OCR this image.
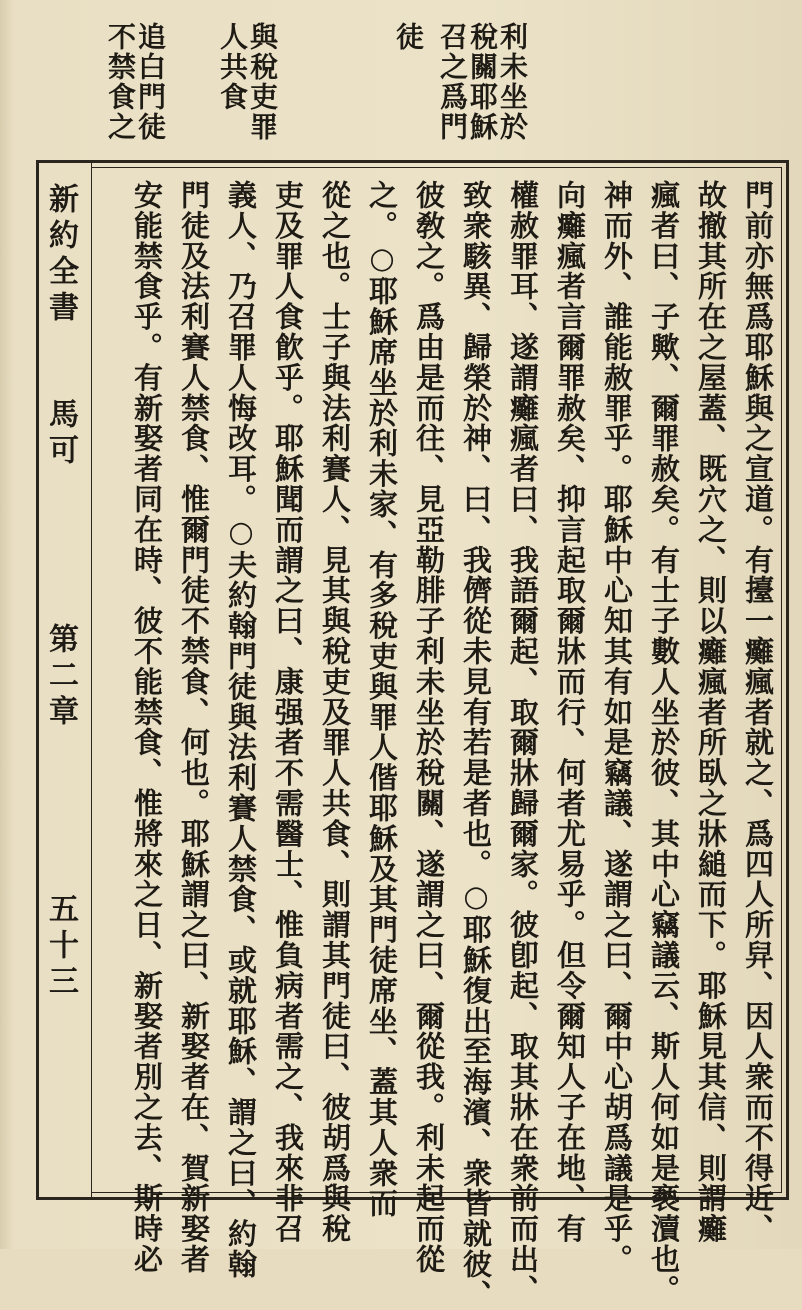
利未坐於
稅關耶穌
召之爲門
徒
與稅吏罪
人共食
追白門徒
不禁食之
新約全書
馬可
第二章
五十三	門前亦無爲耶穌與之宣道。有擡一癱瘋者就之、爲四人所舁、因人衆而不得近、
故撤其所在之屋蓋、既穴之、則以癱瘋者所臥之牀縋而下。耶穌見其信、則謂癱
瘋者曰、子歟、爾罪赦矣。有士子數人坐於彼、其中心竊議云、斯人何如是褻瀆也。
神而外、誰能赦罪乎。耶穌中心知其有如是竊議、遂謂之曰、爾中心胡爲議是乎。
向癱瘋者言爾罪赦矣、抑言起取爾牀而行、何者尤易乎。但令爾知人子在地、有
權赦罪耳、遂謂癱瘋者曰、我語爾起、取爾牀歸爾家。彼卽起、取其牀在衆前而出、
致衆駭異、歸榮於神、曰、我儕從未見有若是者也。○耶穌復出至海濱、衆皆就彼、
彼敎之。爲由是而往、見亞勒腓子利未坐於稅關、遂謂之曰、爾從我。利未起而從
之。○耶穌席坐於利未家、有多稅吏與罪人偕耶穌及其門徒席坐、蓋其人衆而
從之也。士子與法利賽人、見其與稅吏及罪人共食、則謂其門徒曰、彼胡爲與稅
吏及罪人食飮乎。耶穌聞而謂之曰、康强者不需醫士、惟負病者需之、我來非召
義人、乃召罪人悔改耳。○夫約翰門徒與法利賽人禁食、或就耶穌、謂之曰、約翰
門徒及法利賽人禁食、惟爾門徒不禁食、何也。耶穌謂之曰、新娶者在、賀新娶者
安能禁食乎。有新娶者同在時、彼不能禁食、惟將來之日、新娶者別之去、斯時必
